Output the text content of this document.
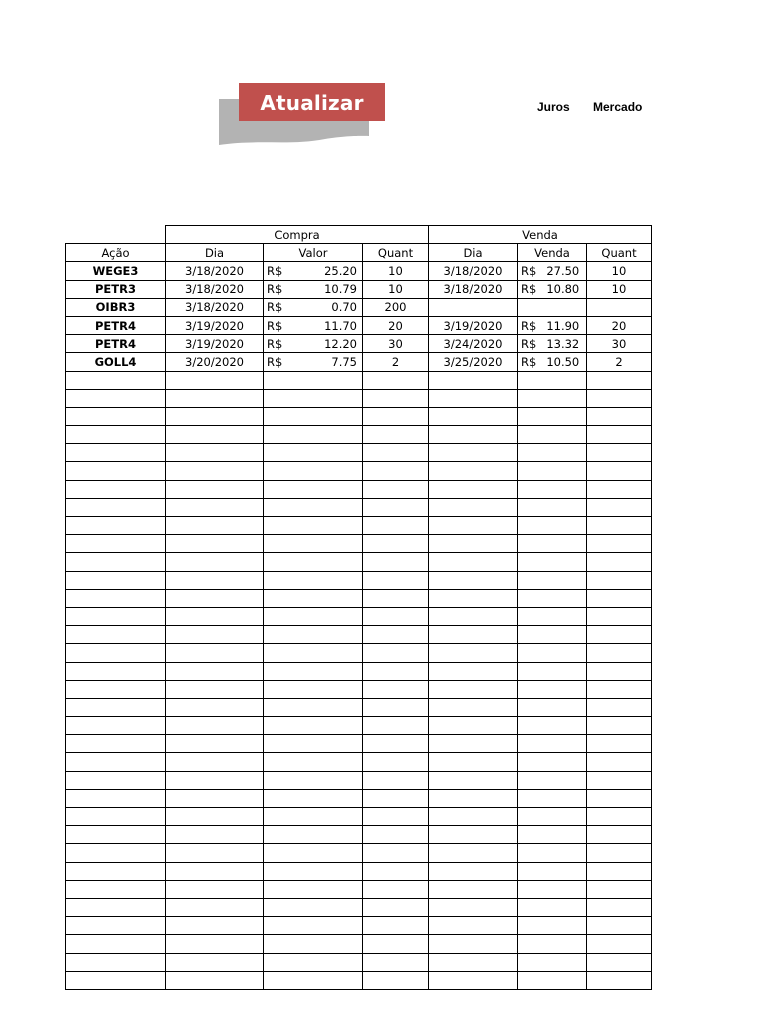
Atualizar	Juros Mercado
	Compra			Venda		
Ação	Dia	Valor	Quant	Dia	Venda	Quant
WEGE3	3/18/2020	R$ 25.20	10	3/18/2020	R$ 27.50	10
PETR3	3/18/2020	R$ 10.79	10	3/18/2020	R$ 10.80	10
OIBR3	3/18/2020	R$ 0.70	200			
PETR4	3/19/2020	R$ 11.70	20	3/19/2020	R$ 11.90	20
PETR4	3/19/2020	R$ 12.20	30	3/24/2020	R$ 13.32	30
GOLL4	3/20/2020	R$ 7.75	2	3/25/2020	R$ 10.50	2
